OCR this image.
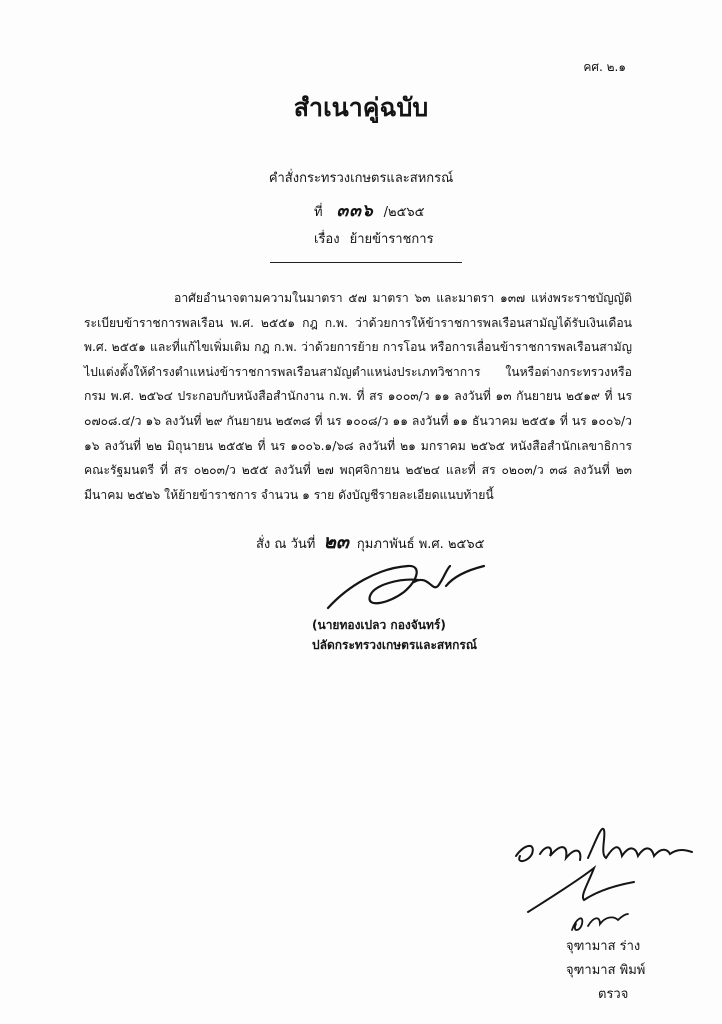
คศ. ๒.๑
สำเนาคู่ฉบับ
คำสั่งกระทรวงเกษตรและสหกรณ์
ที่ ๓๓๖ /๒๕๖๕
เรื่อง ย้ายข้าราชการ

อาศัยอำนาจตามความในมาตรา ๕๗ มาตรา ๖๓ และมาตรา ๑๓๗ แห่งพระราชบัญญัติระเบียบข้าราชการพลเรือน พ.ศ. ๒๕๕๑ กฎ ก.พ. ว่าด้วยการให้ข้าราชการพลเรือนสามัญได้รับเงินเดือน พ.ศ. ๒๕๕๑ และที่แก้ไขเพิ่มเติม กฎ ก.พ. ว่าด้วยการย้าย การโอน หรือการเลื่อนข้าราชการพลเรือนสามัญไปแต่งตั้งให้ดำรงตำแหน่งข้าราชการพลเรือนสามัญตำแหน่งประเภทวิชาการ ในหรือต่างกระทรวงหรือกรม พ.ศ. ๒๕๖๔ ประกอบกับหนังสือสำนักงาน ก.พ. ที่ สร ๑๐๐๓/ว ๑๑ ลงวันที่ ๑๓ กันยายน ๒๕๑๙ ที่ นร ๐๗๐๘.๔/ว ๑๖ ลงวันที่ ๒๙ กันยายน ๒๕๓๘ ที่ นร ๑๐๐๘/ว ๑๑ ลงวันที่ ๑๑ ธันวาคม ๒๕๕๑ ที่ นร ๑๐๐๖/ว ๑๖ ลงวันที่ ๒๒ มิถุนายน ๒๕๕๒ ที่ นร ๑๐๐๖.๑/๖๘ ลงวันที่ ๒๑ มกราคม ๒๕๖๕ หนังสือสำนักเลขาธิการคณะรัฐมนตรี ที่ สร ๐๒๐๓/ว ๒๕๕ ลงวันที่ ๒๗ พฤศจิกายน ๒๕๒๔ และที่ สร ๐๒๐๓/ว ๓๘ ลงวันที่ ๒๓ มีนาคม ๒๕๒๖ ให้ย้ายข้าราชการ จำนวน ๑ ราย ดังบัญชีรายละเอียดแนบท้ายนี้

สั่ง ณ วันที่ ๒๓ กุมภาพันธ์ พ.ศ. ๒๕๖๕
(นายทองเปลว กองจันทร์)
ปลัดกระทรวงเกษตรและสหกรณ์
จุฑามาส ร่าง
จุฑามาส พิมพ์
ตรวจ
